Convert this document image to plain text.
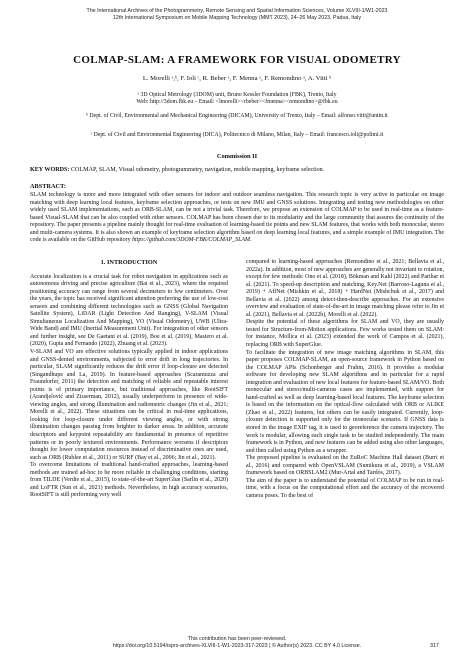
The International Archives of the Photogrammetry, Remote Sensing and Spatial Information Sciences, Volume XLVIII-1/W1-2023
12th International Symposium on Mobile Mapping Technology (MMT 2023), 24–26 May 2023, Padua, Italy
COLMAP-SLAM: A FRAMEWORK FOR VISUAL ODOMETRY
L. Morelli ᵃ,ᵇ, F. Ioli ᶜ, R. Beber ᵃ, F. Menna ᵃ, F. Remondino ᵃ, A. Vitti ᵇ
ᵃ 3D Optical Metrology (3DOM) unit, Bruno Kessler Foundation (FBK), Trento, Italy
Web: http://3dom.fbk.eu – Email: <lmorelli><rbeber><fmenna><remondino>@fbk.eu
ᵇ Dept. of Civil, Environmental and Mechanical Engineering (DICAM), University of Trento, Italy – Email: alfonso.vitti@unitn.it
ᶜ Dept. of Civil and Environmental Engineering (DICA), Politecnico di Milano, Milan, Italy – Email: francesco.ioli@polimi.it
Commission II
KEY WORDS: COLMAP, SLAM, Visual odometry, photogrammetry, navigation, mobile mapping, keyframe selection.
ABSTRACT:
SLAM technology is more and more integrated with other sensors for indoor and outdoor seamless navigation. This research topic is very active in particular on image matching with deep learning local features, keyframe selection approaches, or tests on new IMU and GNSS solutions. Integrating and testing new methodologies on other widely used SLAM implementations, such as ORB-SLAM, can be not a trivial task. Therefore, we propose an extension of COLMAP to be used in real-time as a feature-based Visual-SLAM that can be also coupled with other sensors. COLMAP has been chosen due to its modularity and the large community that assures the continuity of the repository. The paper presents a pipeline mainly thought for real-time evaluation of learning-based tie points and new SLAM features, that works with both monocular, stereo and multi-camera systems. It is also shown an example of keyframe selection algorithm based on deep learning local features, and a simple example of IMU integration. The code is available on the GitHub repository https://github.com/3DOM-FBK/COLMAP_SLAM.
1. INTRODUCTION

Accurate localization is a crucial task for robot navigation in applications such as autonomous driving and precise agriculture (Bai et al., 2023), where the required positioning accuracy can range from several decimeters to few centimeters. Over the years, the topic has received significant attention preferring the use of low-cost sensors and combining different technologies such as GNSS (Global Navigation Satellite System), LiDAR (Light Detection And Ranging), V-SLAM (Visual Simultaneous Localization And Mapping), VO (Visual Odometry), UWB (Ultra-Wide Band) and IMU (Inertial Measurement Unit). For integration of other sensors and further insight, see De Gaetani et al. (2019), Boe et al. (2019), Masiero et al. (2020), Gupta and Fernando (2022), Zhuang et al. (2023).

V-SLAM and VO are effective solutions typically applied in indoor applications and GNSS-denied environments, subjected to error drift in long trajectories. In particular, SLAM significantly reduces the drift error if loop-closure are detected (Singandhupe and La, 2019). In feature-based approaches (Scaramuzza and Fraundorfer, 2011) the detection and matching of reliable and repeatable interest points is of primary importance, but traditional approaches, like RootSIFT (Arandjelović and Zisserman, 2012), usually underperform in presence of wide-viewing angles, and strong illumination and radiometric changes (Jin et al., 2021; Morelli et al., 2022). These situations can be critical in real-time applications, looking for loop-closure under different viewing angles, or with strong illumination changes passing from brighter to darker areas. In addition, accurate descriptors and keypoint repeatability are fundamental in presence of repetitive patterns or in poorly textured environments. Performance worsens if descriptors thought for lower computation resources instead of discriminative ones are used, such as ORB (Rublee et al., 2011) or SURF (Bay et al., 2006; Jin et al., 2021).

To overcome limitations of traditional hand-crafted approaches, learning-based methods are trained ad-hoc to be more reliable in challenging conditions, starting from TILDE (Verdie et al., 2015), to state-of-the-art SuperGlue (Sarlin et al., 2020) and LoFTR (Sun et al., 2021) methods. Nevertheless, in high accuracy scenarios, RootSIFT is still performing very well

compared to learning-based approaches (Remondino et al., 2021; Bellavia et al., 2022a). In addition, most of new approaches are generally not invariant to rotation, except for few methods: Ono et al. (2018), Bökman and Kahl (2022) and Parihar et al. (2021). To speed-up description and matching, Key.Net (Barroso-Laguna et al., 2019) + AffNet (Mishkin et al., 2018) + HardNet (Mishchuk et al., 2017) and Bellavia et al. (2022) among detect-then-describe approaches. For an extensive overview and evaluation of state-of-the-art in image matching please refer to Jin et al. (2021), Bellavia et al. (2022b), Morelli et al. (2022).

Despite the potential of these algorithms for SLAM and VO, they are usually tested for Structure-from-Motion applications. Few works tested them on SLAM: for instance, Mollica et al. (2023) extended the work of Campos et al. (2021), replacing ORB with SuperGlue.

To facilitate the integration of new image matching algorithms in SLAM, this paper proposes COLMAP-SLAM, an open-source framework in Python based on the COLMAP APIs (Schonberger and Frahm, 2016). It provides a modular software for developing new SLAM algorithms and in particular for a rapid integration and evaluation of new local features for feature-based SLAM/VO. Both monocular and stereo/multi-cameras cases are implemented, with support for hand-crafted as well as deep learning-based local features. The keyframe selection is based on the information on the optical-flow calculated with ORB or ALIKE (Zhao et al., 2022) features, but others can be easily integrated. Currently, loop-closure detection is supported only for the monocular scenario. If GNSS data is stored in the image EXIF tag, it is used to georeference the camera trajectory. The work is modular, allowing each single task to be studied independently. The main framework is in Python, and new features can be added using also other languages, and then called using Python as a wrapper.

The proposed pipeline is evaluated on the EuRoC Machine Hall dataset (Burri et al., 2016) and compared with OpenVSLAM (Sumikura et al., 2019), a VSLAM framework based on ORBSLAM2 (Mur-Artal and Tardós, 2017).

The aim of the paper is to understand the potential of COLMAP to be run in real-time, with a focus on the computational effort and the accuracy of the recovered camera poses. To the best of

This contribution has been peer-reviewed.
https://doi.org/10.5194/isprs-archives-XLVIII-1-W1-2023-317-2023 | © Author(s) 2023. CC BY 4.0 License.	317
